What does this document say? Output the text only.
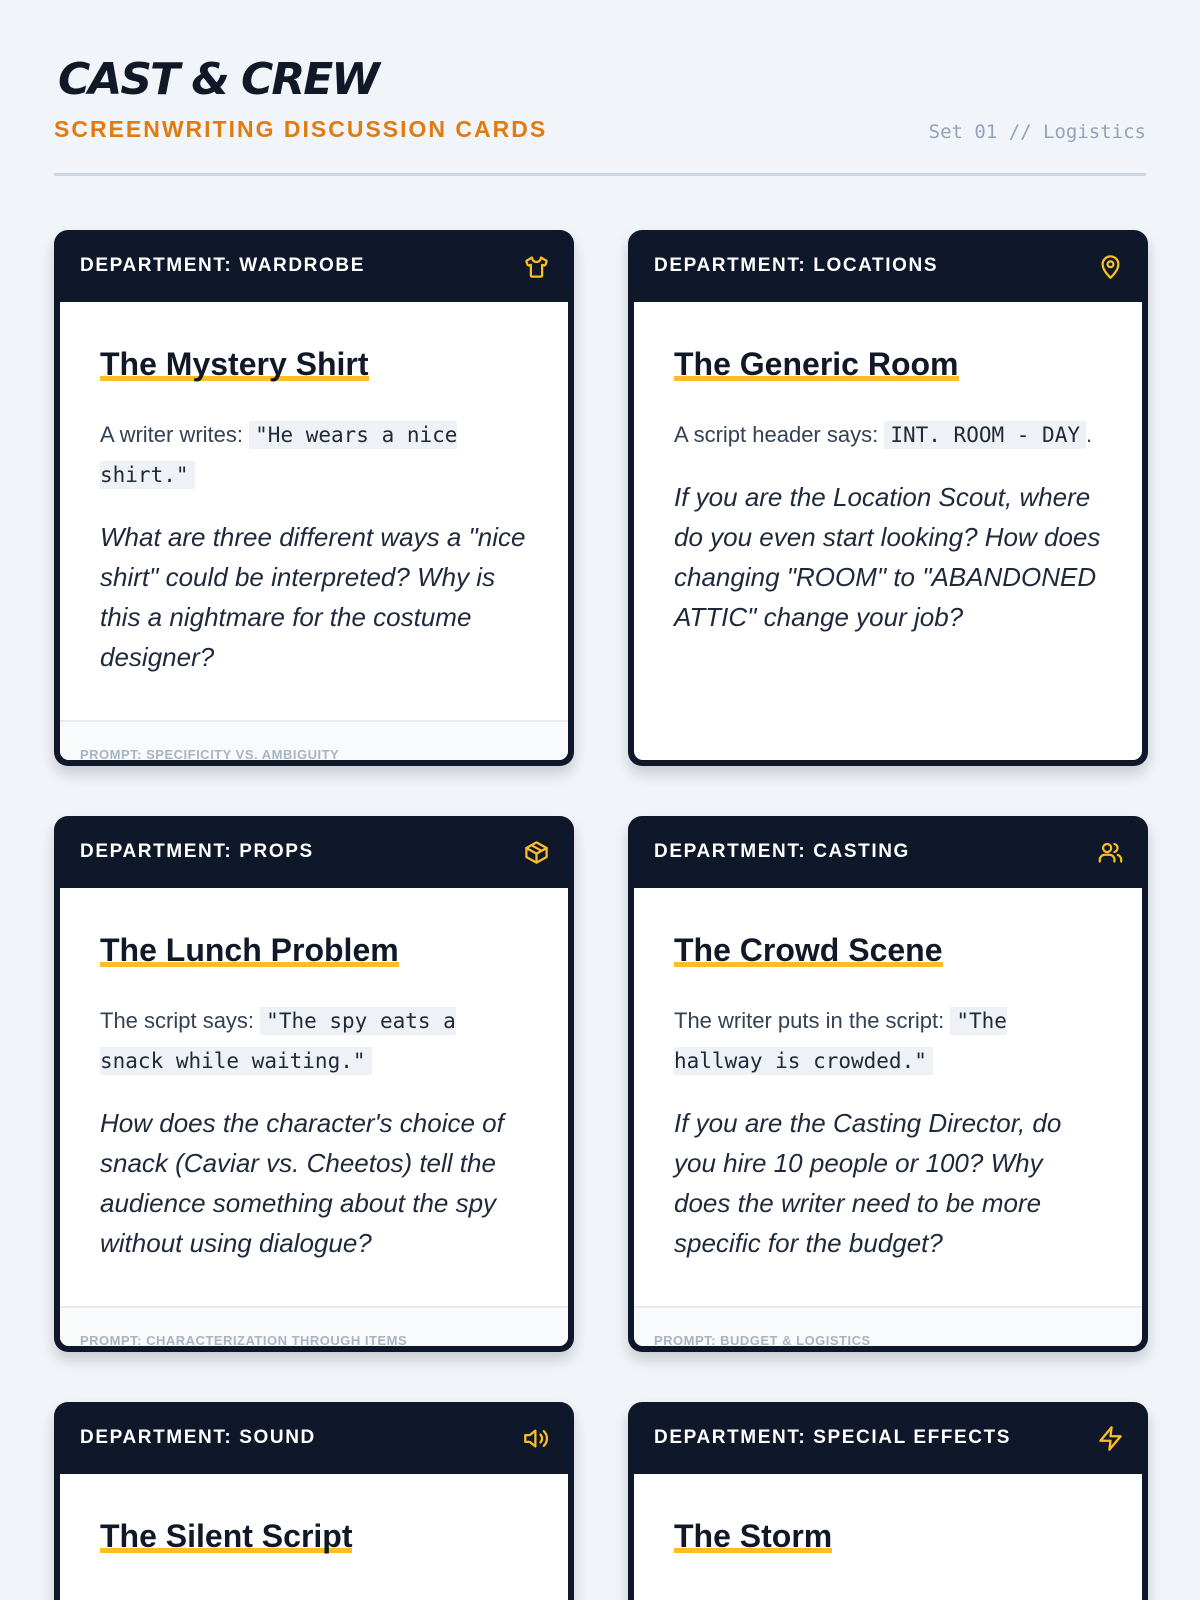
CAST & CREW
SCREENWRITING DISCUSSION CARDS	Set 01 // Logistics
DEPARTMENT: WARDROBE
The Mystery Shirt

A writer writes: "He wears a nice shirt."

What are three different ways a "nice shirt" could be interpreted? Why is this a nightmare for the costume designer?

PROMPT: SPECIFICITY VS. AMBIGUITY
DEPARTMENT: LOCATIONS
The Generic Room

A script header says: INT. ROOM - DAY .

If you are the Location Scout, where do you even start looking? How does changing "ROOM" to "ABANDONED ATTIC" change your job?

DEPARTMENT: PROPS
The Lunch Problem

The script says: "The spy eats a snack while waiting."

How does the character's choice of snack (Caviar vs. Cheetos) tell the audience something about the spy without using dialogue?

PROMPT: CHARACTERIZATION THROUGH ITEMS
DEPARTMENT: CASTING
The Crowd Scene

The writer puts in the script: "The hallway is crowded."

If you are the Casting Director, do you hire 10 people or 100? Why does the writer need to be more specific for the budget?

PROMPT: BUDGET & LOGISTICS
DEPARTMENT: SOUND
The Silent Script
DEPARTMENT: SPECIAL EFFECTS
The Storm
